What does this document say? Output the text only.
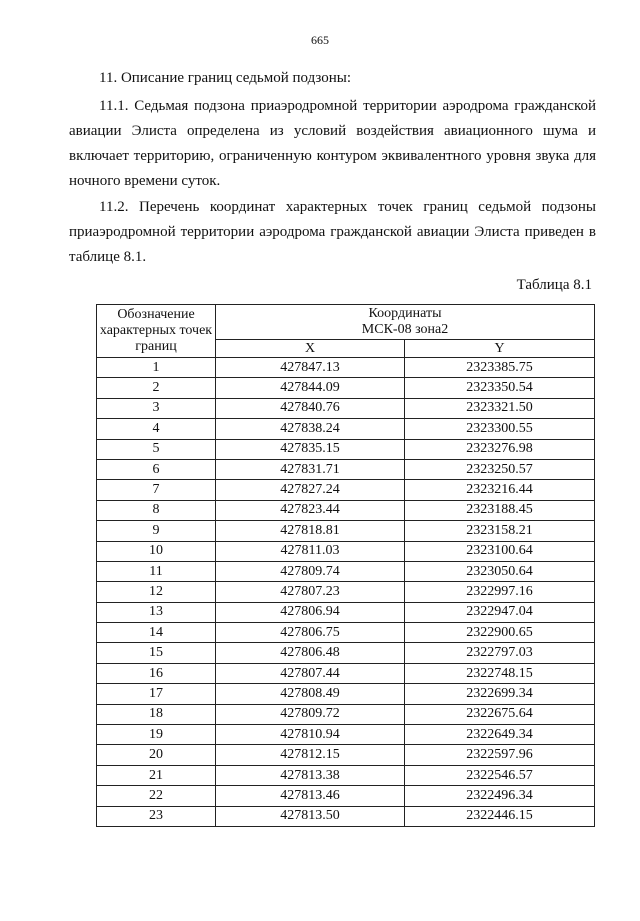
665

11. Описание границ седьмой подзоны:

11.1. Седьмая подзона приаэродромной территории аэродрома гражданской авиации Элиста определена из условий воздействия авиационного шума и включает территорию, ограниченную контуром эквивалентного уровня звука для ночного времени суток.

11.2. Перечень координат характерных точек границ седьмой подзоны приаэродромной территории аэродрома гражданской авиации Элиста приведен в таблице 8.1.

Таблица 8.1
Обозначение характерных точек границ	Координаты
МСК-08 зона2	

	X	Y
1	427847.13	2323385.75
2	427844.09	2323350.54
3	427840.76	2323321.50
4	427838.24	2323300.55
5	427835.15	2323276.98
6	427831.71	2323250.57
7	427827.24	2323216.44
8	427823.44	2323188.45
9	427818.81	2323158.21
10	427811.03	2323100.64
11	427809.74	2323050.64
12	427807.23	2322997.16
13	427806.94	2322947.04
14	427806.75	2322900.65
15	427806.48	2322797.03
16	427807.44	2322748.15
17	427808.49	2322699.34
18	427809.72	2322675.64
19	427810.94	2322649.34
20	427812.15	2322597.96
21	427813.38	2322546.57
22	427813.46	2322496.34
23	427813.50	2322446.15
